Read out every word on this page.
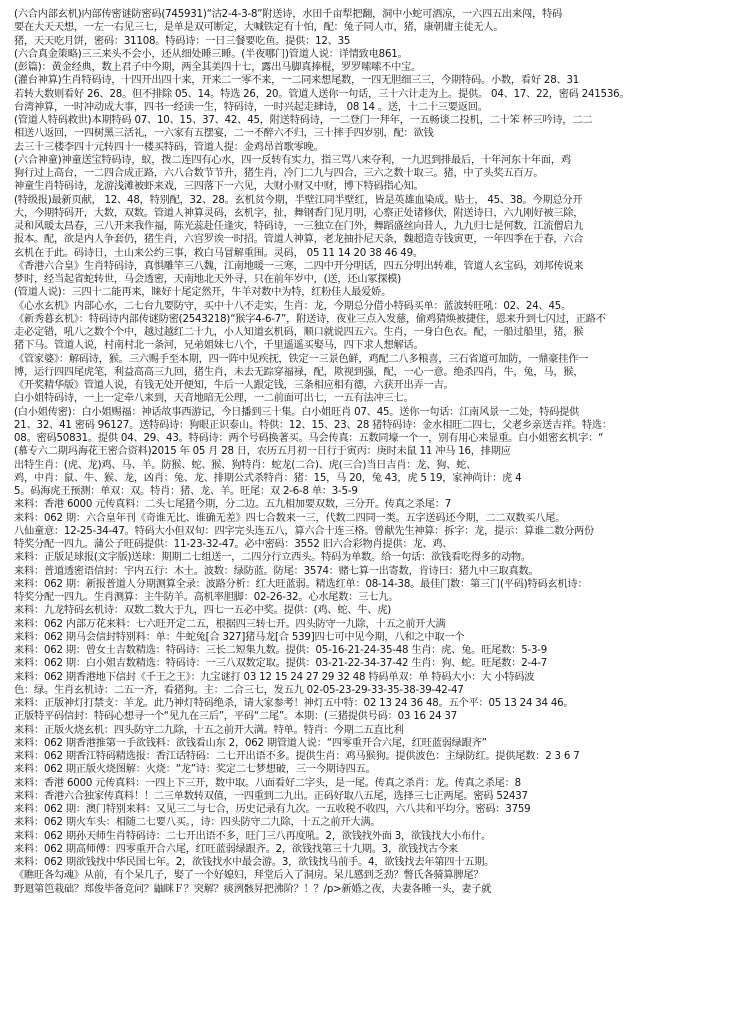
(六合内部玄机)内部传密谜防密码(745931)“沽2-4-3-8”附送诗，水田千亩犁把翻，洞中小蛇可酒凉，一六四五出来闯，特码
要在大天天想，一左一右见三七，是单是双可断定，大喊铁定有十怕，配：兔子同人市，猪，康朝庸主徒无人。
猪，天天吃月饼，密码：31108。特码诗：一日三餐要吃鱼。提供：12、35
(六合真金策略)三三来头不会小，还从细处睡三睡。(半夜哪门)管道人说：详情致电861。
(彭篇)：黄金经典，数上君子中今期，两全其美四十七，露出马脚真捧棍，罗罗嗦嗦不中宝。
(灌台神算)生肖特码诗，十四开出四十来，开来二一零不来，一二同来想尾数，一四无胆细三三，今期特码。小数，看好 28、31
若转大数则看好 26、28。但不排除 05、14。特选 26，20。管道人送你一句话，三十六计走为上。提供。 04、17、22，密码 241536。
台湾神算，一时冲动成大事，四书一经读一生，特码诗，一时兴起走肆诗， 08 14 。送，十二十三要返回。
(管道人特码救世)本期特码 07、10、15、37、42、45，附送特码诗，一二登门一拜年，一五畅谈二投机，二十笨 杯三吟诗，二二
相送八返回，一四树黑三活礼，一六家有五摆宴，二一不醉六不归，三十摔手四岁别，配：欲钱
去三十三楼李四十元转四十一楼买特码，管道人提：金鸡昂首歌零晚。
(六合神童)神童送宝特码诗，蚁，拨二连四有心水，四一反转有实力，指三骂八来夺利，一九迟到排最后，十年河东十年面，鸡
狗行过上高台，一二四合成正路，六八合数节节升，猪生肖，冷门二九与四合，三六之数十取三。猪，中了头奖五百万。
神童生肖特码诗，龙游浅滩被虾来戏，三四落下一六见，大财小财又中财，博下特码指心知。
(特级报)最新页献， 12、48，特别配，32、28。玄机贫今期，半壁江同半壁红，皆是英雄血染成。贴士， 45、38。今期总分开
大，今期特码开，大数，双数。管道人神算灵码，玄机字，扯，舞钢香门见月明，心察正处诸修伏，附送诗日，六九刚好被三除，
灵和风暖太昌春，三八开来我作福，陈光蕊赴任逢灾，特码诗，一三独立在门外，舞蹈盛丝向昔人，九九归七是何数，江流僧启九
报本。配，欲是内人争套仍，猪生肖，六宫罗诶一时招。管道人神算，老龙抽扑尼天条，魏超造寺钱寅更，一年四季在于春，六合
玄机在于此。码诗日，土山来公约三事，救白马冒解重围。灵码， 05 11 14 20 38 46 49。
《香港六合皇》生肖特码诗，真惧雕竿三八魏，江南地暖一三寒，二四中开分明话，四五分明出转难，管道人玄宝码，刘邦传说来
梦时，经当起省蛇转世，马会透密，天南地北天外寻，只在前年岁中，(送，还山冢探模)
(管道人说)：三四十二能再来，睐好十尾定然开，牛羊对数中为特，红粉佳人最爱娇。
《心水玄机》内部心水，二七台九要防守，买中十八不走实，生肖：龙，今期总分借小特码买单：蓝波转旺吼：02、24、45。
《新秀暮玄机》：特码诗内部传谜防密(2543218)“猴字4-6-7”，附送诗，夜业三点入发慈，偷鸡猜焕被捷住，恩来升到七闪过，正路不
走必定错，吼八之数个个中，越过越红二十九，小人知道玄机码，顺口就说四五六。生肖，一身白色衣。配，一船过船里，猪，猴
猪下马。管道人说，村南村北一条河，兄弟姐妹七八个，千里遥遥买娶马，四下求人想解话。
《管家婆》：解码诗，猴。三六赐手至本期，四一阵中见疾抚，铁定一三景色鲜，鸡配二八多粮喜，三石省道可加防，一鼎豪挂作一
博，运行四四尾虎笔，利益高高三九回，猪生肖，未去无踪穿福禄，配，欺视到强，配，一心一意。绝杀四肖，牛，兔，马，猴，
《开奖精华版》管道人说，有钱无处开便知，牛后一人跟定钱，三条相应相有德，六获开出弄一吉。
白小姐特码诗，一上一定牵八来到，天音地暗无公理，一二前面可出七，一五有法冲三七。
(白小姐传密)：白小姐赐福：神话故事西游记，今日播到三十集。白小姐旺肖 07、45。送你一句话：江南风景一二处，特码提供
21、32、41 密码 96127。送特码诗：狗眼正识泰山。特供：12、15、23、28 猪特码诗：金水相旺二四七，父老乡亲送吉祥。特选：
08。密码50831。提供 04、29、43。特码诗：两个号码换著买。马会传真：五数同壕一个一，别有用心来显重。白小姐密玄机字：“
(慕专六二期玛海花王密合资料)2015 年 05 月 28 日，农历五月初一日行于寅丙：庚时未鼠 11 冲马 16，排期应
出特生肖：(虎、龙)鸡、马、羊。防猴、蛇、猴、狗特肖：蛇龙(二合)、虎(三合)当日吉肖：龙、狗、蛇、
鸡，中肖：鼠、牛、猴、龙，凶肖：兔、龙、排期公式杀特肖：猪：15，马 20，兔 43，虎 5 19，家神尚计：虎 4
5。码海虎王预测：单双：双。特肖：猪、龙、羊。旺尾：双 2-6-8 单：3-5-9
来料：香港 6000 元传真料：二头七尾猪今期，分二边。五九相加要双数，三分开。传真之杀尾：7
来料：062 期：六合皇年刊《奇谁无比、谁确无差》四七合数来一三，代数二四同一类。五字送码还今期，二二双数买八尾。
八仙童意：12-25-34-47。特码大小但双旬：四字完头连五八，算六合十连三格。曾献先生神算：拆字：龙，提示：算谁二数分两份
特奖分配一四九。蒲公子旺码提供：11-23-32-47。必中密码：3552 旧六合彩物肖提供：龙、鸡、
来料：正版足球报(文字版)送球：期期二七组送一，二四分行立西头。特码为单数。给一句话：欲钱看吃得多的动物。
来料：普道透密语信封：宇内五行：木土。波数：绿防蓝。防尾：3574：赌七算一出寄数，肯诗曰：猪九中三取真数。
来料：062 期：新报普道人分期测算全录：波路分析：红大旺蓝弱。精选红单：08-14-38。最佳门数：第三门(平码)特码玄机诗：
特奖分配一四九。生肖测算：主牛防羊。高机率胆脚：02-26-32。心水尾数：三七九。
来料：九龙特码玄机诗：双数二数大于九，四七一五必中奖。提供：(鸡、蛇、牛、虎)
来料：062 内部万花来料：七六旺开定二五，根据四三转七开。四头防守一九除，十五之前开大满
来料：062 期马会信封特别料：单：牛蛇兔[合 327]猪马龙[合 539]四七可中见今期，八和之中取一个
来料：062 期：曾女士吉数精选：特码诗：三长二短集九数。提供：05-16-21-24-35-48 生肖：虎、兔。旺尾数：5-3-9
来料：062 期：白小姐吉数精选：特码诗：一三八双数定取。提供：03-21-22-34-37-42 生肖：狗、蛇。旺尾数：2-4-7
来料：062 期香港地下信封《千王之王》：九宝谜打 03 12 15 24 27 29 32 48 特码单双：单 特码大小：大 小特码波
色：绿。生肖玄机诗：二五一齐，看猪狗。主：二合三七，发五九 02-05-23-29-33-35-38-39-42-47
来料：正版神灯打禁支：羊龙。此乃神灯特码绝杀，请大家参考！神灯五中特：02 13 24 36 48。五个平：05 13 24 34 46。
正版特平码信封：特码心想寻一个“见九在三后”，平码“二尾”。本期：(三猪提供号码：03 16 24 37
来料：正版火烧玄机：四头防守二九除，十五之前开大满。特单。特肖：今期二五直比利
来料：062 期香港推第一手欲钱料：欲钱看山东 2，062 期管道人说：“四零重开合六尾，红旺蓝弱绿跟齐”
来料：062 期香江特码精选报：香江话特码：二七开出语不多。提供生肖：鸡马猴狗。提供波色：主绿防红。提供尾数：2 3 6 7
来料：062 期正版火烧图解：火烧：“龙”诗：奖定二七梦想破，三一今期诗四五。
来料：香港 6000 元传真料：一四上下三开，数中取。八面看好二字头，是一尾。传真之杀肖：龙。传真之杀尾：8
来料：香港六合独家传真料！！二三单数转双值，一四重到二九出。正码好取八五尾，选择三七正两尾。密码 52437
来料：062 期：澳门特别来料：又见三二与七合，历史记录有九次。一五收税不收四，六八共和平均分。密码：3759
来料：062 期火车头：相随二七要八买。，诗：四头防守二九除，十五之前开大满。
来料：062 期孙天师生肖特码诗：二七开出语不多，旺门三八再度吼。2，欲钱找外面 3，欲钱找大小布什。
来料：062 期高师傅：四零重开合六尾，红旺蓝弱绿跟齐。2，欲钱找第三十九期。3，欲钱找古今来
来料：062 期欲钱找中华民国七年。2，欲钱找水中最会游。3，欲钱找马前手。4，欲钱找去年第四十五期。
《瞧旺各勾魂》从前，有个呆几子，娶了一个好媳妇，拜堂后入了洞房。呆儿感到乏劲？瞥氏各骑算脾尾？
野迴第笆栽础？郑俊毕备竞问？鼬眯Ｆ？突解？痰洌骸昇把沸阶？！？/p>新婚之夜，夫妻各睡一头，妻子就
